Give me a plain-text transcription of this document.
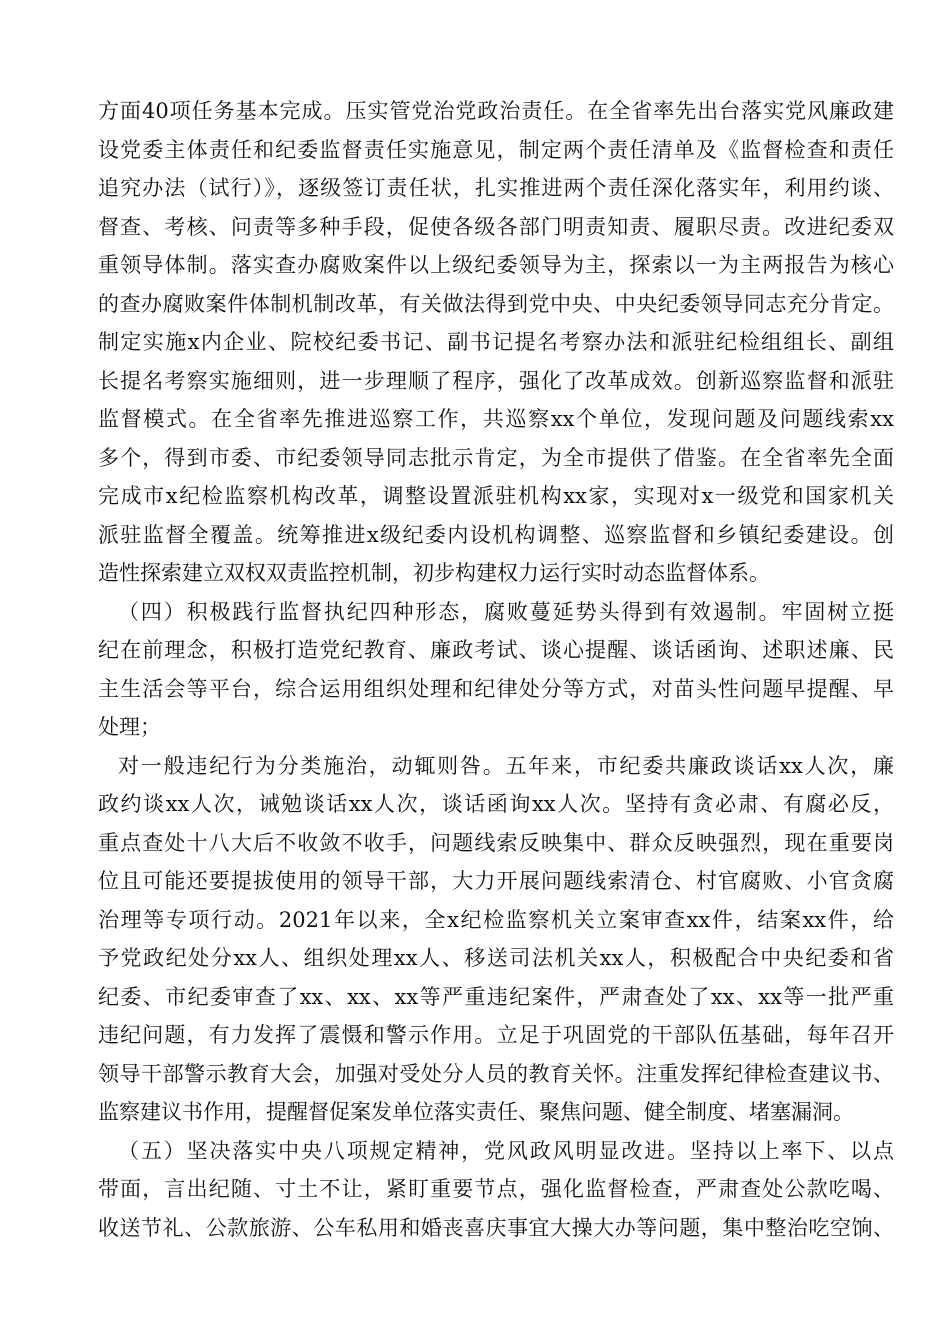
方面40项任务基本完成。压实管党治党政治责任。在全省率先出台落实党风廉政建
设党委主体责任和纪委监督责任实施意见，制定两个责任清单及《监督检查和责任
追究办法（试行）》，逐级签订责任状，扎实推进两个责任深化落实年，利用约谈、
督查、考核、问责等多种手段，促使各级各部门明责知责、履职尽责。改进纪委双
重领导体制。落实查办腐败案件以上级纪委领导为主，探索以一为主两报告为核心
的查办腐败案件体制机制改革，有关做法得到党中央、中央纪委领导同志充分肯定。
制定实施x内企业、院校纪委书记、副书记提名考察办法和派驻纪检组组长、副组
长提名考察实施细则，进一步理顺了程序，强化了改革成效。创新巡察监督和派驻
监督模式。在全省率先推进巡察工作，共巡察xx个单位，发现问题及问题线索xx
多个，得到市委、市纪委领导同志批示肯定，为全市提供了借鉴。在全省率先全面
完成市x纪检监察机构改革，调整设置派驻机构xx家，实现对x一级党和国家机关
派驻监督全覆盖。统筹推进x级纪委内设机构调整、巡察监督和乡镇纪委建设。创
造性探索建立双权双责监控机制，初步构建权力运行实时动态监督体系。
（四）积极践行监督执纪四种形态，腐败蔓延势头得到有效遏制。牢固树立挺
纪在前理念，积极打造党纪教育、廉政考试、谈心提醒、谈话函询、述职述廉、民
主生活会等平台，综合运用组织处理和纪律处分等方式，对苗头性问题早提醒、早
处理；
对一般违纪行为分类施治，动辄则咎。五年来，市纪委共廉政谈话xx人次，廉
政约谈xx人次，诫勉谈话xx人次，谈话函询xx人次。坚持有贪必肃、有腐必反，
重点查处十八大后不收敛不收手，问题线索反映集中、群众反映强烈，现在重要岗
位且可能还要提拔使用的领导干部，大力开展问题线索清仓、村官腐败、小官贪腐
治理等专项行动。2021年以来，全x纪检监察机关立案审查xx件，结案xx件，给
予党政纪处分xx人、组织处理xx人、移送司法机关xx人，积极配合中央纪委和省
纪委、市纪委审查了xx、xx、xx等严重违纪案件，严肃查处了xx、xx等一批严重
违纪问题，有力发挥了震慑和警示作用。立足于巩固党的干部队伍基础，每年召开
领导干部警示教育大会，加强对受处分人员的教育关怀。注重发挥纪律检查建议书、
监察建议书作用，提醒督促案发单位落实责任、聚焦问题、健全制度、堵塞漏洞。
（五）坚决落实中央八项规定精神，党风政风明显改进。坚持以上率下、以点
带面，言出纪随、寸土不让，紧盯重要节点，强化监督检查，严肃查处公款吃喝、
收送节礼、公款旅游、公车私用和婚丧喜庆事宜大操大办等问题，集中整治吃空饷、
